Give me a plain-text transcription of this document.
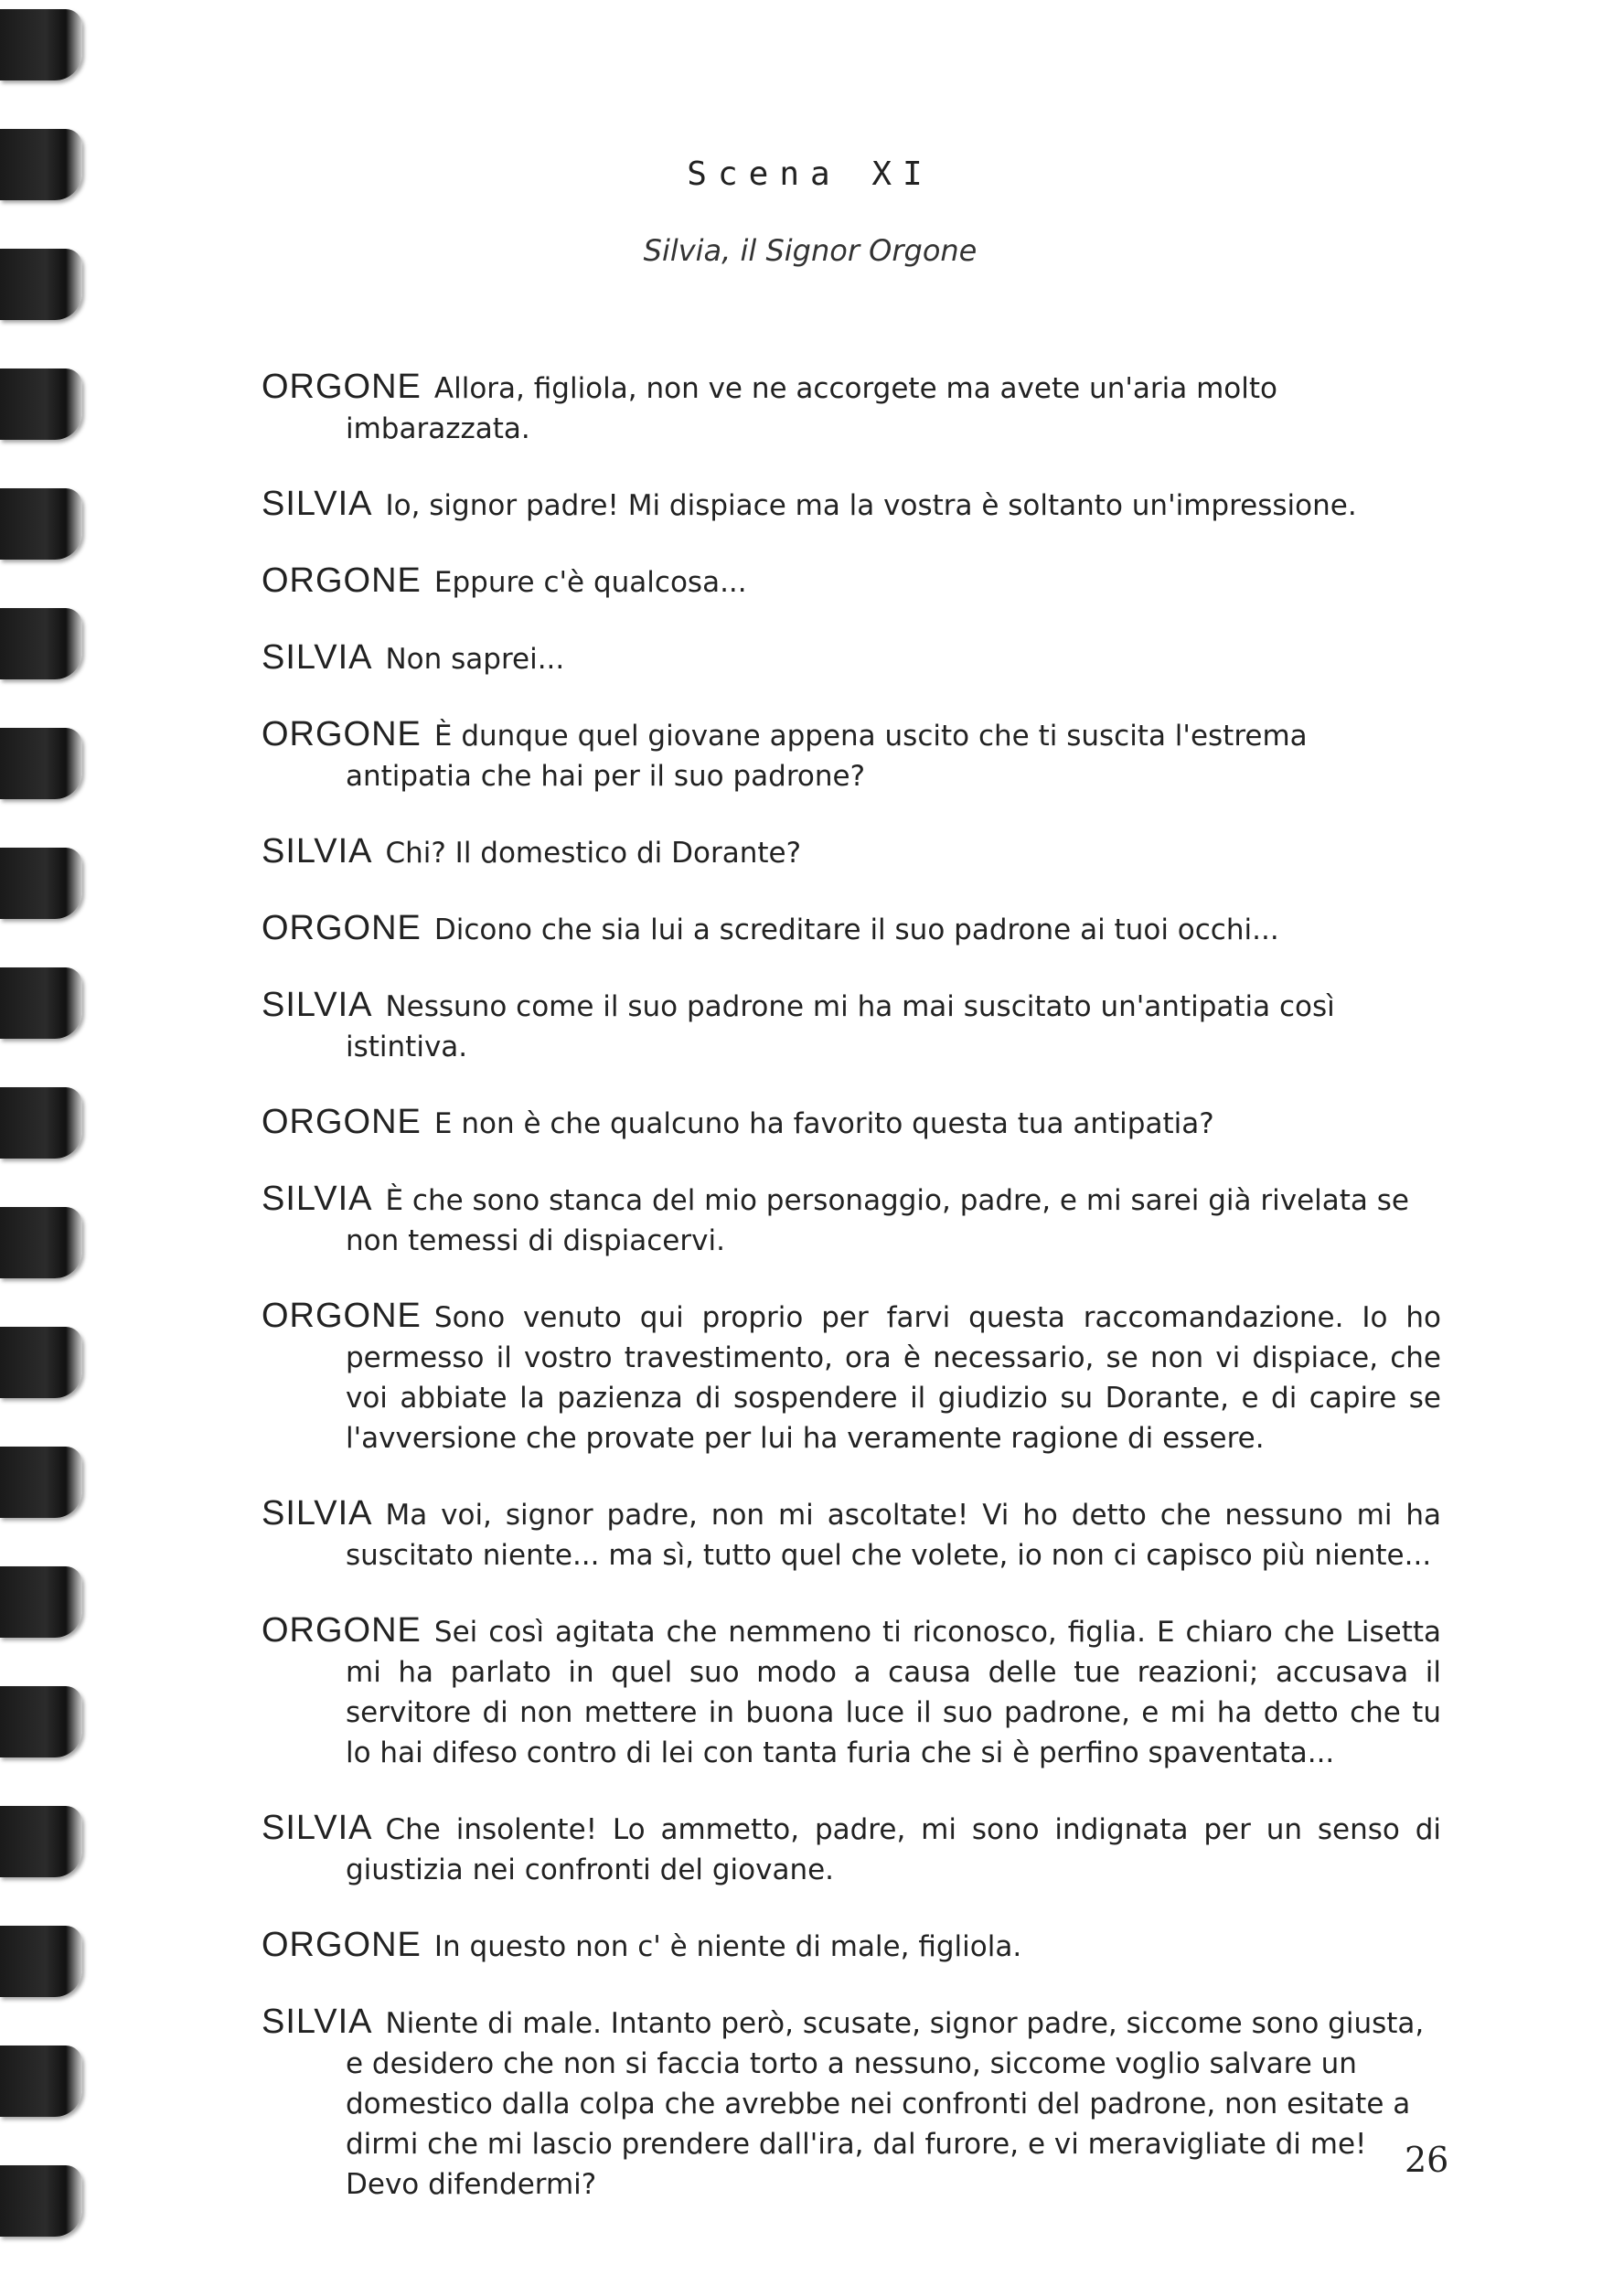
Scena XI
Silvia, il Signor Orgone

ORGONE Allora, figliola, non ve ne accorgete ma avete un'aria molto imbarazzata.

SILVIA Io, signor padre! Mi dispiace ma la vostra è soltanto un'impressione.

ORGONE Eppure c'è qualcosa...

SILVIA Non saprei...

ORGONE È dunque quel giovane appena uscito che ti suscita l'estrema antipatia che hai per il suo padrone?

SILVIA Chi? Il domestico di Dorante?

ORGONE Dicono che sia lui a screditare il suo padrone ai tuoi occhi...

SILVIA Nessuno come il suo padrone mi ha mai suscitato un'antipatia così istintiva.

ORGONE E non è che qualcuno ha favorito questa tua antipatia?

SILVIA È che sono stanca del mio personaggio, padre, e mi sarei già rivelata se non temessi di dispiacervi.

ORGONE Sono venuto qui proprio per farvi questa raccomandazione. Io ho permesso il vostro travestimento, ora è necessario, se non vi dispiace, che voi abbiate la pazienza di sospendere il giudizio su Dorante, e di capire se l'avversione che provate per lui ha veramente ragione di essere.

SILVIA Ma voi, signor padre, non mi ascoltate! Vi ho detto che nessuno mi ha suscitato niente... ma sì, tutto quel che volete, io non ci capisco più niente...

ORGONE Sei così agitata che nemmeno ti riconosco, figlia. E chiaro che Lisetta mi ha parlato in quel suo modo a causa delle tue reazioni; accusava il servitore di non mettere in buona luce il suo padrone, e mi ha detto che tu lo hai difeso contro di lei con tanta furia che si è perfino spaventata...

SILVIA Che insolente! Lo ammetto, padre, mi sono indignata per un senso di giustizia nei confronti del giovane.

ORGONE In questo non c' è niente di male, figliola.

SILVIA Niente di male. Intanto però, scusate, signor padre, siccome sono giusta, e desidero che non si faccia torto a nessuno, siccome voglio salvare un domestico dalla colpa che avrebbe nei confronti del padrone, non esitate a dirmi che mi lascio prendere dall'ira, dal furore, e vi meravigliate di me! Devo difendermi?

26
